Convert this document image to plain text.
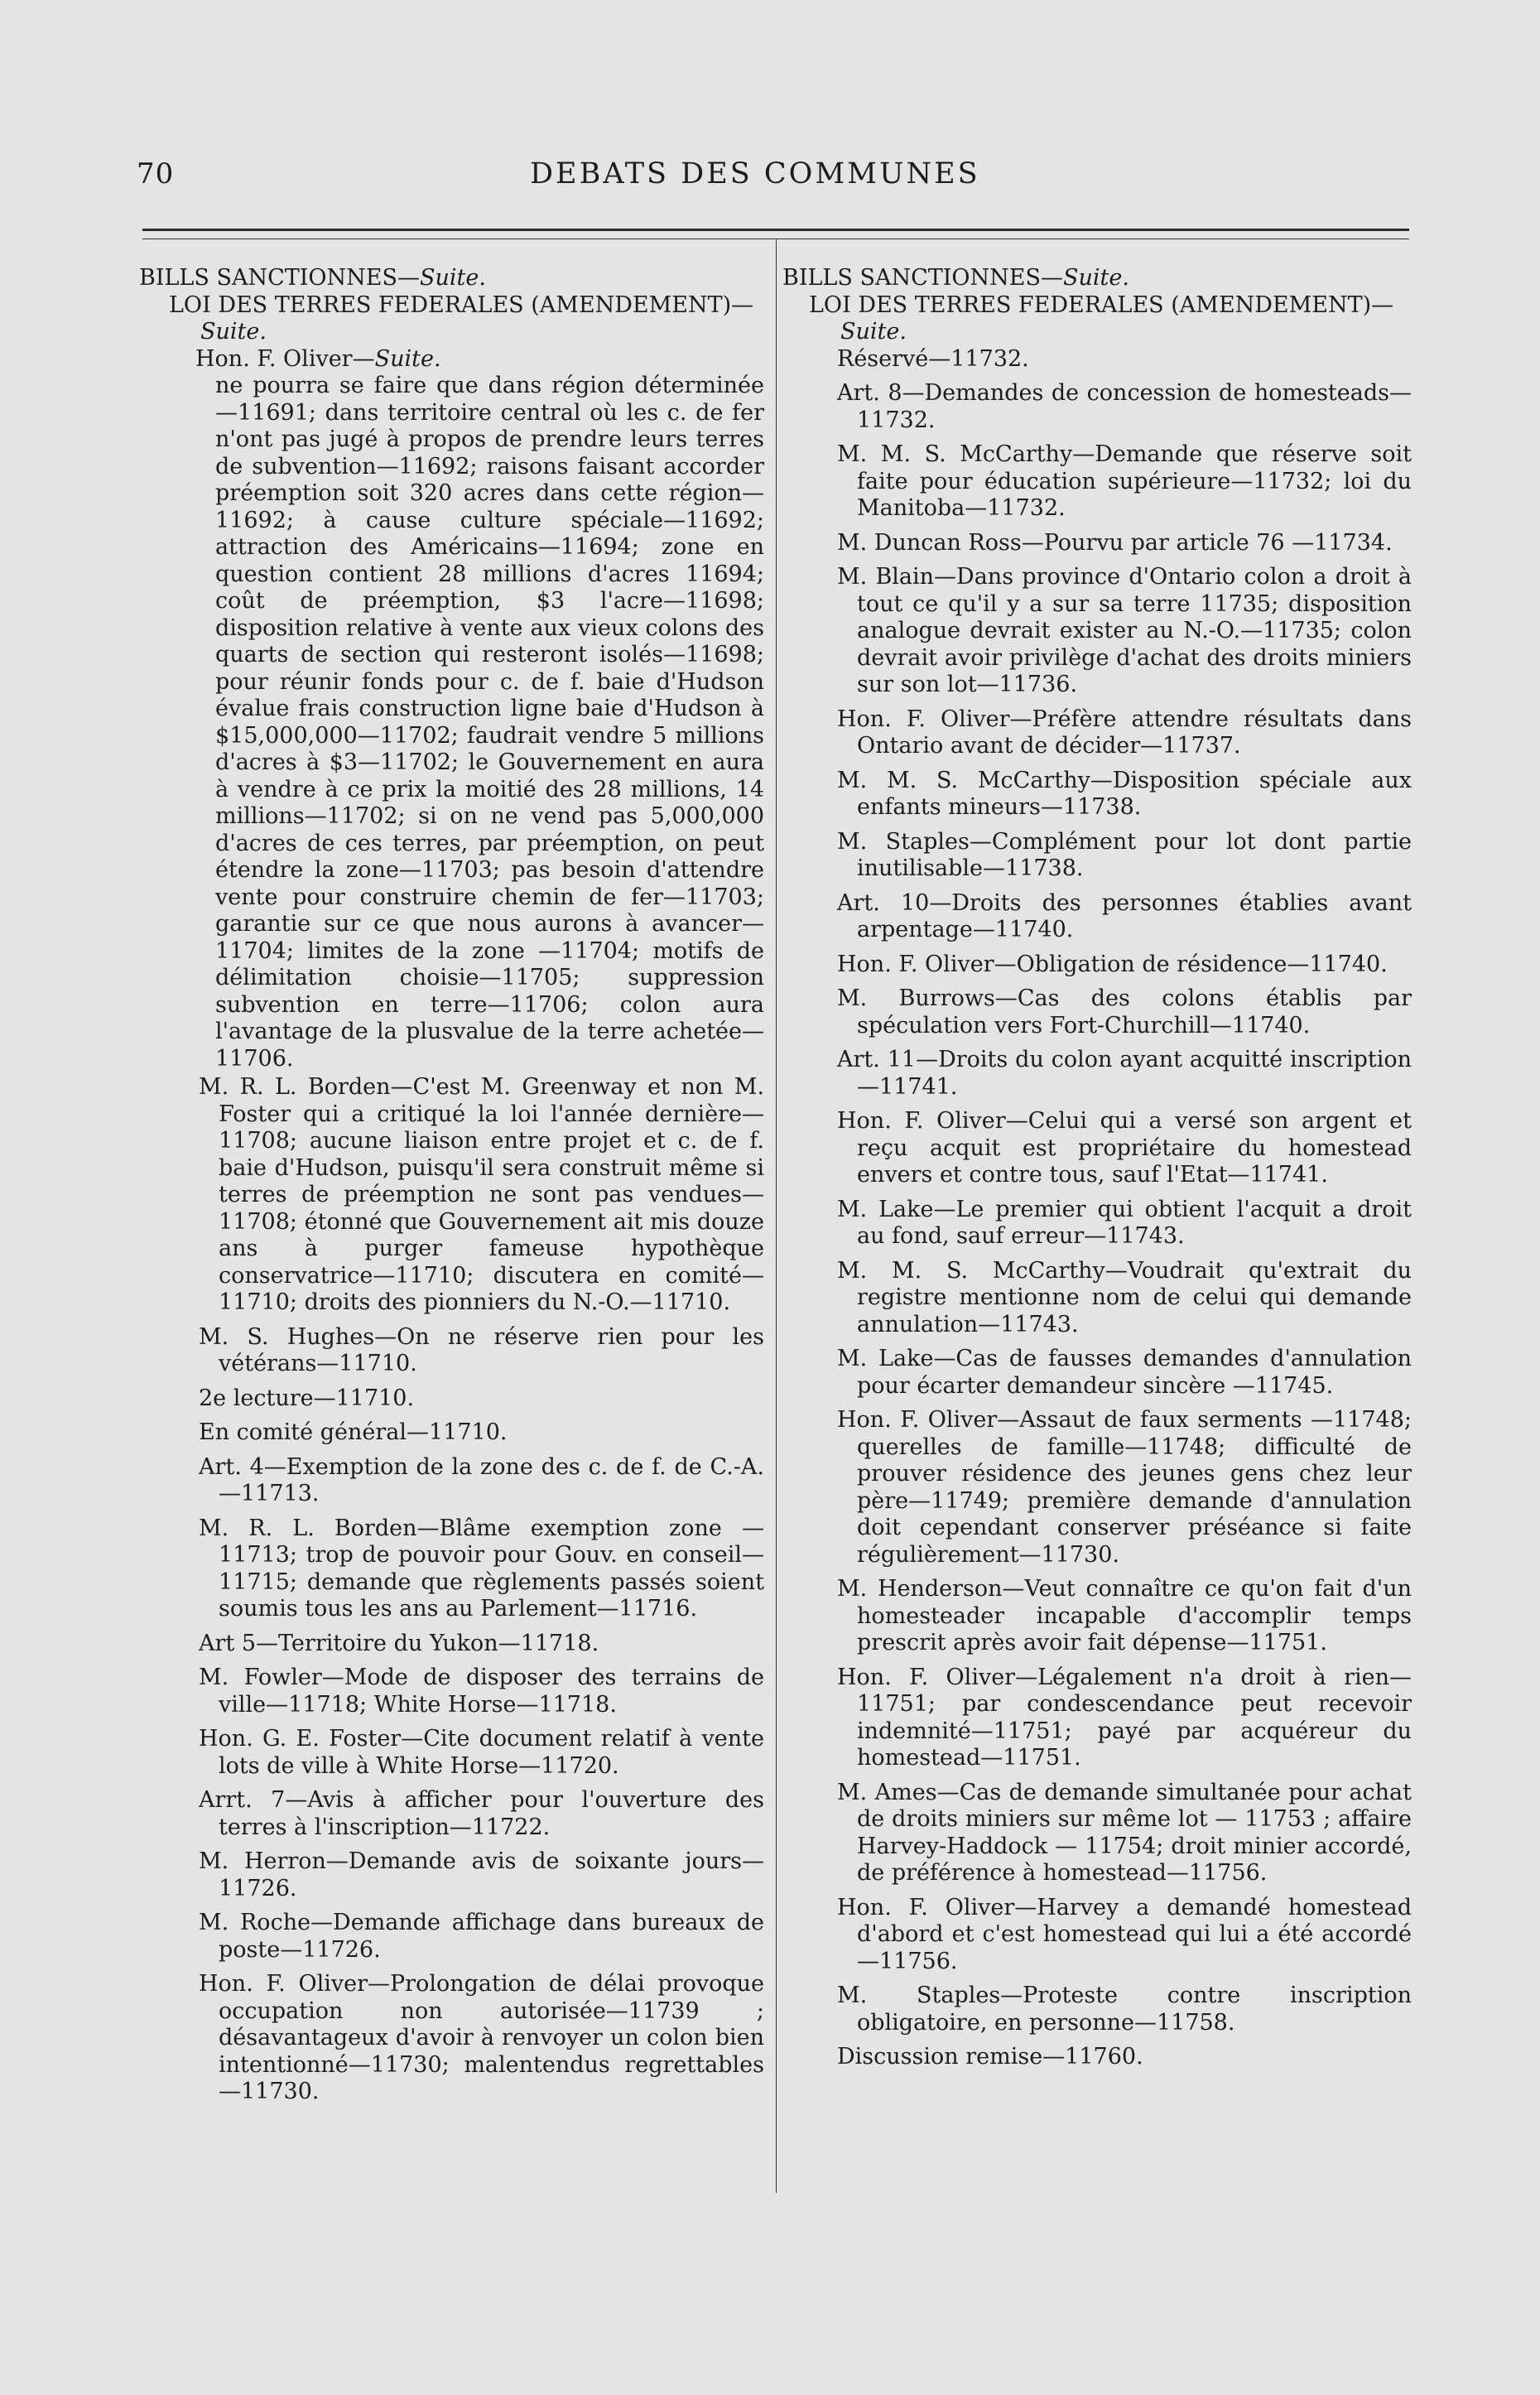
70	DEBATS DES COMMUNES

BILLS SANCTIONNES—Suite.

LOI DES TERRES FEDERALES (AMENDEMENT)—Suite.

Hon. F. Oliver—Suite.

ne pourra se faire que dans région déterminée—11691; dans territoire central où les c. de fer n'ont pas jugé à propos de prendre leurs terres de subvention—11692; raisons faisant accorder préemption soit 320 acres dans cette région—11692; à cause culture spéciale—11692; attraction des Américains—11694; zone en question contient 28 millions d'acres 11694; coût de préemption, $3 l'acre—11698; disposition relative à vente aux vieux colons des quarts de section qui resteront isolés—11698; pour réunir fonds pour c. de f. baie d'Hudson évalue frais construction ligne baie d'Hudson à $15,000,000—11702; faudrait vendre 5 millions d'acres à $3—11702; le Gouvernement en aura à vendre à ce prix la moitié des 28 millions, 14 millions—11702; si on ne vend pas 5,000,000 d'acres de ces terres, par préemption, on peut étendre la zone—11703; pas besoin d'attendre vente pour construire chemin de fer—11703; garantie sur ce que nous aurons à avancer—11704; limites de la zone —11704; motifs de délimitation choisie—11705; suppression subvention en terre—11706; colon aura l'avantage de la plusvalue de la terre achetée—11706.

M. R. L. Borden—C'est M. Greenway et non M. Foster qui a critiqué la loi l'année dernière—11708; aucune liaison entre projet et c. de f. baie d'Hudson, puisqu'il sera construit même si terres de préemption ne sont pas vendues—11708; étonné que Gouvernement ait mis douze ans à purger fameuse hypothèque conservatrice—11710; discutera en comité—11710; droits des pionniers du N.-O.—11710.

M. S. Hughes—On ne réserve rien pour les vétérans—11710.

2e lecture—11710.

En comité général—11710.

Art. 4—Exemption de la zone des c. de f. de C.-A.—11713.

M. R. L. Borden—Blâme exemption zone —11713; trop de pouvoir pour Gouv. en conseil—11715; demande que règlements passés soient soumis tous les ans au Parlement—11716.

Art 5—Territoire du Yukon—11718.

M. Fowler—Mode de disposer des terrains de ville—11718; White Horse—11718.

Hon. G. E. Foster—Cite document relatif à vente lots de ville à White Horse—11720.

Arrt. 7—Avis à afficher pour l'ouverture des terres à l'inscription—11722.

M. Herron—Demande avis de soixante jours—11726.

M. Roche—Demande affichage dans bureaux de poste—11726.

Hon. F. Oliver—Prolongation de délai provoque occupation non autorisée—11739 ; désavantageux d'avoir à renvoyer un colon bien intentionné—11730; malentendus regrettables—11730.

BILLS SANCTIONNES—Suite.

LOI DES TERRES FEDERALES (AMENDEMENT)—Suite.

Réservé—11732.

Art. 8—Demandes de concession de homesteads—11732.

M. M. S. McCarthy—Demande que réserve soit faite pour éducation supérieure—11732; loi du Manitoba—11732.

M. Duncan Ross—Pourvu par article 76 —11734.

M. Blain—Dans province d'Ontario colon a droit à tout ce qu'il y a sur sa terre 11735; disposition analogue devrait exister au N.-O.—11735; colon devrait avoir privilège d'achat des droits miniers sur son lot—11736.

Hon. F. Oliver—Préfère attendre résultats dans Ontario avant de décider—11737.

M. M. S. McCarthy—Disposition spéciale aux enfants mineurs—11738.

M. Staples—Complément pour lot dont partie inutilisable—11738.

Art. 10—Droits des personnes établies avant arpentage—11740.

Hon. F. Oliver—Obligation de résidence—11740.

M. Burrows—Cas des colons établis par spéculation vers Fort-Churchill—11740.

Art. 11—Droits du colon ayant acquitté inscription—11741.

Hon. F. Oliver—Celui qui a versé son argent et reçu acquit est propriétaire du homestead envers et contre tous, sauf l'Etat—11741.

M. Lake—Le premier qui obtient l'acquit a droit au fond, sauf erreur—11743.

M. M. S. McCarthy—Voudrait qu'extrait du registre mentionne nom de celui qui demande annulation—11743.

M. Lake—Cas de fausses demandes d'annulation pour écarter demandeur sincère —11745.

Hon. F. Oliver—Assaut de faux serments —11748; querelles de famille—11748; difficulté de prouver résidence des jeunes gens chez leur père—11749; première demande d'annulation doit cependant conserver préséance si faite régulièrement—11730.

M. Henderson—Veut connaître ce qu'on fait d'un homesteader incapable d'accomplir temps prescrit après avoir fait dépense—11751.

Hon. F. Oliver—Légalement n'a droit à rien—11751; par condescendance peut recevoir indemnité—11751; payé par acquéreur du homestead—11751.

M. Ames—Cas de demande simultanée pour achat de droits miniers sur même lot — 11753 ; affaire Harvey-Haddock — 11754; droit minier accordé, de préférence à homestead—11756.

Hon. F. Oliver—Harvey a demandé homestead d'abord et c'est homestead qui lui a été accordé—11756.

M. Staples—Proteste contre inscription obligatoire, en personne—11758.

Discussion remise—11760.
